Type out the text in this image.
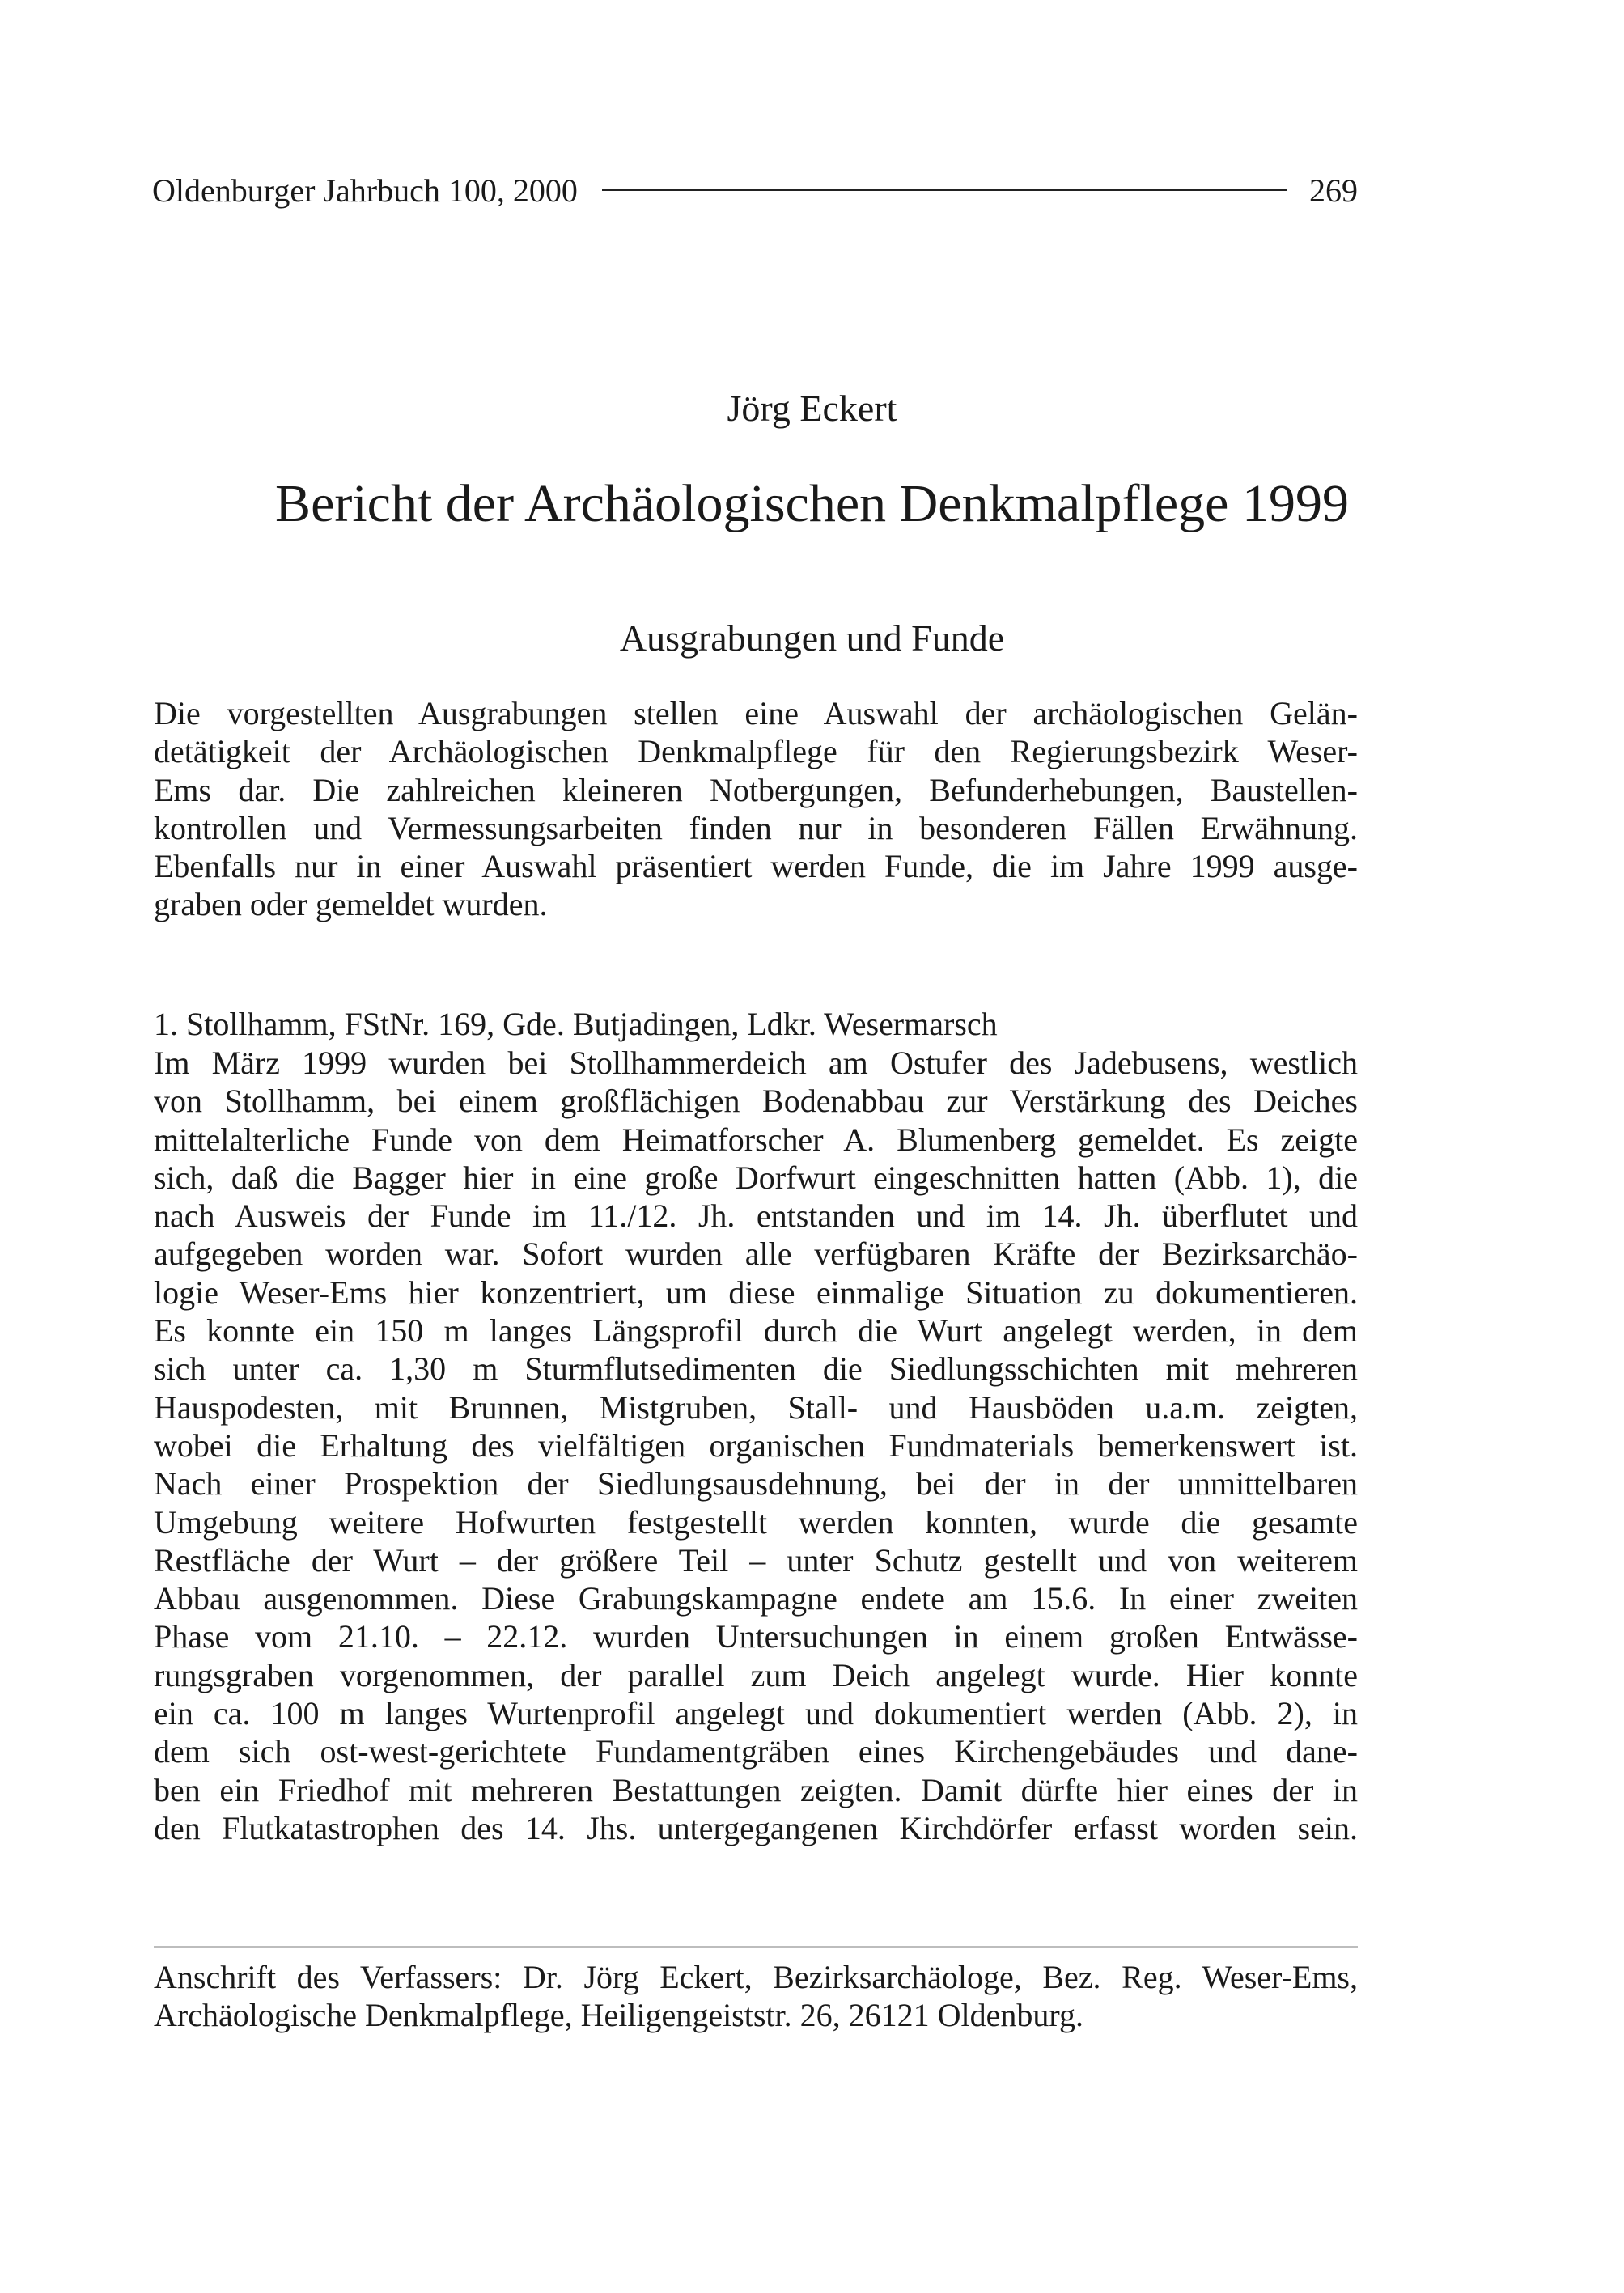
Oldenburger Jahrbuch 100, 2000	269
Jörg Eckert
Bericht der Archäologischen Denkmalpflege 1999
Ausgrabungen und Funde
Die vorgestellten Ausgrabungen stellen eine Auswahl der archäologischen Gelän-
detätigkeit der Archäologischen Denkmalpflege für den Regierungsbezirk Weser-
Ems dar. Die zahlreichen kleineren Notbergungen, Befunderhebungen, Baustellen-
kontrollen und Vermessungsarbeiten finden nur in besonderen Fällen Erwähnung.
Ebenfalls nur in einer Auswahl präsentiert werden Funde, die im Jahre 1999 ausge-
graben oder gemeldet wurden.
1. Stollhamm, FStNr. 169, Gde. Butjadingen, Ldkr. Wesermarsch
Im März 1999 wurden bei Stollhammerdeich am Ostufer des Jadebusens, westlich
von Stollhamm, bei einem großflächigen Bodenabbau zur Verstärkung des Deiches
mittelalterliche Funde von dem Heimatforscher A. Blumenberg gemeldet. Es zeigte
sich, daß die Bagger hier in eine große Dorfwurt eingeschnitten hatten (Abb. 1), die
nach Ausweis der Funde im 11./12. Jh. entstanden und im 14. Jh. überflutet und
aufgegeben worden war. Sofort wurden alle verfügbaren Kräfte der Bezirksarchäo-
logie Weser-Ems hier konzentriert, um diese einmalige Situation zu dokumentieren.
Es konnte ein 150 m langes Längsprofil durch die Wurt angelegt werden, in dem
sich unter ca. 1,30 m Sturmflutsedimenten die Siedlungsschichten mit mehreren
Hauspodesten, mit Brunnen, Mistgruben, Stall- und Hausböden u.a.m. zeigten,
wobei die Erhaltung des vielfältigen organischen Fundmaterials bemerkenswert ist.
Nach einer Prospektion der Siedlungsausdehnung, bei der in der unmittelbaren
Umgebung weitere Hofwurten festgestellt werden konnten, wurde die gesamte
Restfläche der Wurt – der größere Teil – unter Schutz gestellt und von weiterem
Abbau ausgenommen. Diese Grabungskampagne endete am 15.6. In einer zweiten
Phase vom 21.10. – 22.12. wurden Untersuchungen in einem großen Entwässe-
rungsgraben vorgenommen, der parallel zum Deich angelegt wurde. Hier konnte
ein ca. 100 m langes Wurtenprofil angelegt und dokumentiert werden (Abb. 2), in
dem sich ost-west-gerichtete Fundamentgräben eines Kirchengebäudes und dane-
ben ein Friedhof mit mehreren Bestattungen zeigten. Damit dürfte hier eines der in
den Flutkatastrophen des 14. Jhs. untergegangenen Kirchdörfer erfasst worden sein.
Anschrift des Verfassers: Dr. Jörg Eckert, Bezirksarchäologe, Bez. Reg. Weser-Ems,
Archäologische Denkmalpflege, Heiligengeiststr. 26, 26121 Oldenburg.
